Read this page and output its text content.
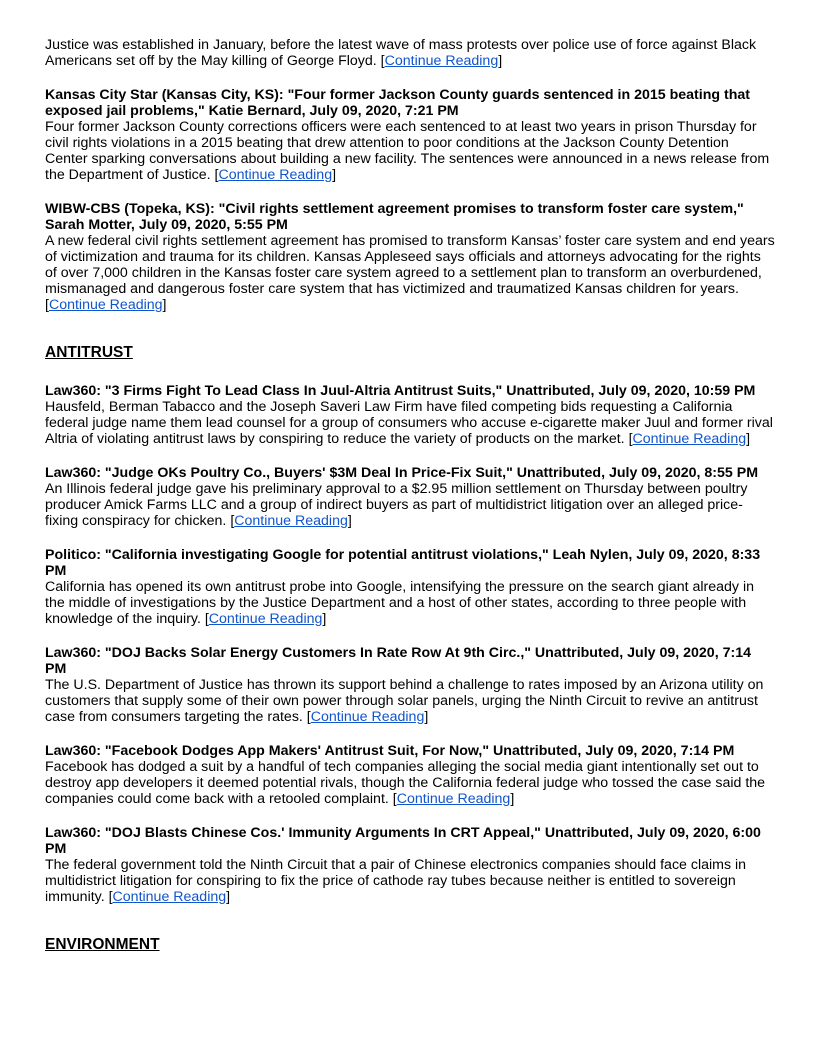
Justice was established in January, before the latest wave of mass protests over police use of force against Black Americans set off by the May killing of George Floyd. [Continue Reading]

Kansas City Star (Kansas City, KS): "Four former Jackson County guards sentenced in 2015 beating that exposed jail problems," Katie Bernard, July 09, 2020, 7:21 PM

Four former Jackson County corrections officers were each sentenced to at least two years in prison Thursday for civil rights violations in a 2015 beating that drew attention to poor conditions at the Jackson County Detention Center sparking conversations about building a new facility. The sentences were announced in a news release from the Department of Justice. [Continue Reading]

WIBW-CBS (Topeka, KS): "Civil rights settlement agreement promises to transform foster care system," Sarah Motter, July 09, 2020, 5:55 PM

A new federal civil rights settlement agreement has promised to transform Kansas’ foster care system and end years of victimization and trauma for its children. Kansas Appleseed says officials and attorneys advocating for the rights of over 7,000 children in the Kansas foster care system agreed to a settlement plan to transform an overburdened, mismanaged and dangerous foster care system that has victimized and traumatized Kansas children for years. [Continue Reading]

ANTITRUST

Law360: "3 Firms Fight To Lead Class In Juul-Altria Antitrust Suits," Unattributed, July 09, 2020, 10:59 PM

Hausfeld, Berman Tabacco and the Joseph Saveri Law Firm have filed competing bids requesting a California federal judge name them lead counsel for a group of consumers who accuse e-cigarette maker Juul and former rival Altria of violating antitrust laws by conspiring to reduce the variety of products on the market. [Continue Reading]

Law360: "Judge OKs Poultry Co., Buyers' $3M Deal In Price-Fix Suit," Unattributed, July 09, 2020, 8:55 PM

An Illinois federal judge gave his preliminary approval to a $2.95 million settlement on Thursday between poultry producer Amick Farms LLC and a group of indirect buyers as part of multidistrict litigation over an alleged price-fixing conspiracy for chicken. [Continue Reading]

Politico: "California investigating Google for potential antitrust violations," Leah Nylen, July 09, 2020, 8:33 PM

California has opened its own antitrust probe into Google, intensifying the pressure on the search giant already in the middle of investigations by the Justice Department and a host of other states, according to three people with knowledge of the inquiry. [Continue Reading]

Law360: "DOJ Backs Solar Energy Customers In Rate Row At 9th Circ.," Unattributed, July 09, 2020, 7:14 PM

The U.S. Department of Justice has thrown its support behind a challenge to rates imposed by an Arizona utility on customers that supply some of their own power through solar panels, urging the Ninth Circuit to revive an antitrust case from consumers targeting the rates. [Continue Reading]

Law360: "Facebook Dodges App Makers' Antitrust Suit, For Now," Unattributed, July 09, 2020, 7:14 PM

Facebook has dodged a suit by a handful of tech companies alleging the social media giant intentionally set out to destroy app developers it deemed potential rivals, though the California federal judge who tossed the case said the companies could come back with a retooled complaint. [Continue Reading]

Law360: "DOJ Blasts Chinese Cos.' Immunity Arguments In CRT Appeal," Unattributed, July 09, 2020, 6:00 PM

The federal government told the Ninth Circuit that a pair of Chinese electronics companies should face claims in multidistrict litigation for conspiring to fix the price of cathode ray tubes because neither is entitled to sovereign immunity. [Continue Reading]

ENVIRONMENT
